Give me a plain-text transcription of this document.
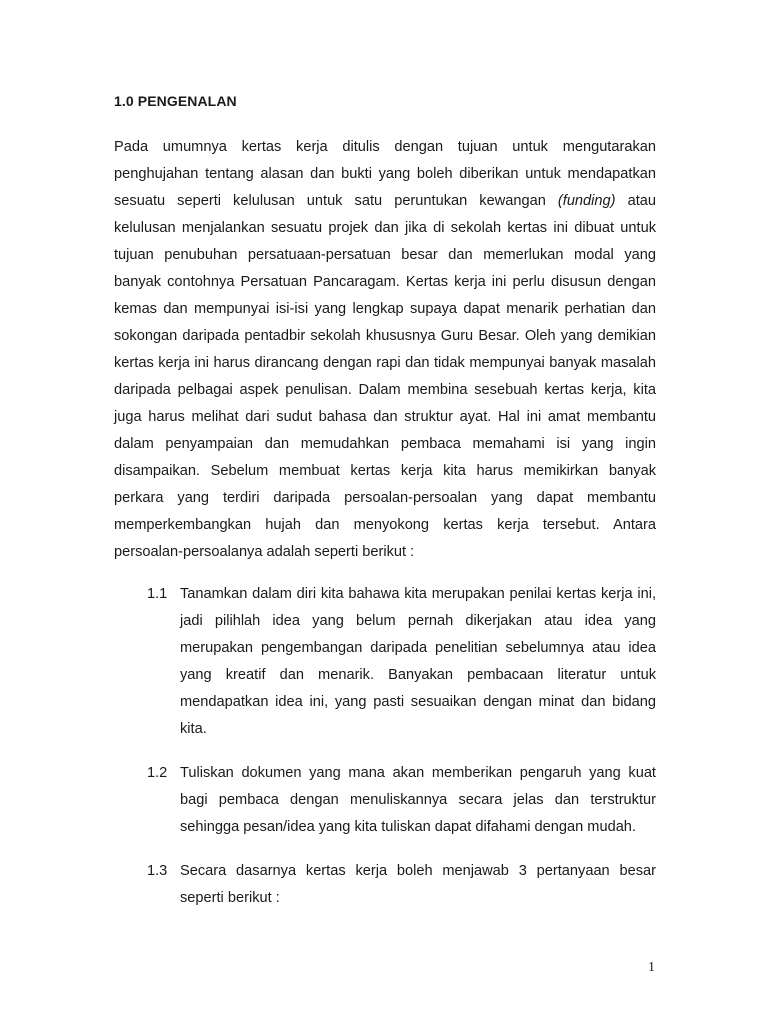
1.0 PENGENALAN

Pada umumnya kertas kerja ditulis dengan tujuan untuk mengutarakan penghujahan tentang alasan dan bukti yang boleh diberikan untuk mendapatkan sesuatu seperti kelulusan untuk satu peruntukan kewangan (funding) atau kelulusan menjalankan sesuatu projek dan jika di sekolah kertas ini dibuat untuk tujuan penubuhan persatuaan-persatuan besar dan memerlukan modal yang banyak contohnya Persatuan Pancaragam. Kertas kerja ini perlu disusun dengan kemas dan mempunyai isi-isi yang lengkap supaya dapat menarik perhatian dan sokongan daripada pentadbir sekolah khususnya Guru Besar. Oleh yang demikian kertas kerja ini harus dirancang dengan rapi dan tidak mempunyai banyak masalah daripada pelbagai aspek penulisan. Dalam membina sesebuah kertas kerja, kita juga harus melihat dari sudut bahasa dan struktur ayat. Hal ini amat membantu dalam penyampaian dan memudahkan pembaca memahami isi yang ingin disampaikan. Sebelum membuat kertas kerja kita harus memikirkan banyak perkara yang terdiri daripada persoalan-persoalan yang dapat membantu memperkembangkan hujah dan menyokong kertas kerja tersebut. Antara persoalan-persoalanya adalah seperti berikut :

1.1 Tanamkan dalam diri kita bahawa kita merupakan penilai kertas kerja ini, jadi pilihlah idea yang belum pernah dikerjakan atau idea yang merupakan pengembangan daripada penelitian sebelumnya atau idea yang kreatif dan menarik. Banyakan pembacaan literatur untuk mendapatkan idea ini, yang pasti sesuaikan dengan minat dan bidang kita.
1.2 Tuliskan dokumen yang mana akan memberikan pengaruh yang kuat bagi pembaca dengan menuliskannya secara jelas dan terstruktur sehingga pesan/idea yang kita tuliskan dapat difahami dengan mudah.
1.3 Secara dasarnya kertas kerja boleh menjawab 3 pertanyaan besar seperti berikut :
1
